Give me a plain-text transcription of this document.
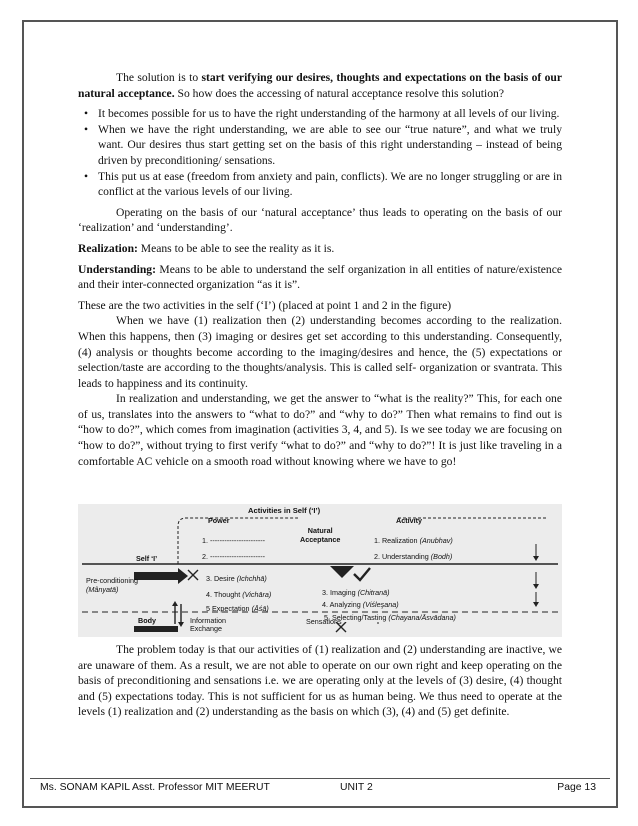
The solution is to start verifying our desires, thoughts and expectations on the basis of our natural acceptance. So how does the accessing of natural acceptance resolve this solution?

• It becomes possible for us to have the right understanding of the harmony at all levels of our living.
• When we have the right understanding, we are able to see our “true nature”, and what we truly want. Our desires thus start getting set on the basis of this right understanding – instead of being driven by preconditioning/ sensations.
• This put us at ease (freedom from anxiety and pain, conflicts). We are no longer struggling or are in conflict at the various levels of our living.

Operating on the basis of our ‘natural acceptance’ thus leads to operating on the basis of our ‘realization’ and ‘understanding’.

Realization: Means to be able to see the reality as it is.

Understanding: Means to be able to understand the self organization in all entities of nature/existence and their inter-connected organization “as it is”.

These are the two activities in the self (‘I’) (placed at point 1 and 2 in the figure)

When we have (1) realization then (2) understanding becomes according to the realization. When this happens, then (3) imaging or desires get set according to this understanding. Consequently, (4) analysis or thoughts become according to the imaging/desires and hence, the (5) expectations or selection/taste are according to the thoughts/analysis. This is called self- organization or svantrata. This leads to happiness and its continuity.

In realization and understanding, we get the answer to “what is the reality?” This, for each one of us, translates into the answers to “what to do?” and “why to do?” Then what remains to find out is “how to do?”, which comes from imagination (activities 3, 4, and 5). Is we see today we are focusing on “how to do?”, without trying to first verify “what to do?” and “why to do?”! It is just like traveling in a comfortable AC vehicle on a smooth road without knowing where we have to go!

Activities in Self (‘I’)
Power	Activity
Natural
Acceptance
1. -----------------------
2. -----------------------
1. Realization (Anubhav)
2. Understanding (Bodh)
Self ‘I’
Pre-conditioning
(Mânyatā)
3. Desire (Ichchhā)
3. Imaging (Chitranā)
4. Thought (Vichāra)
4. Analyzing (Viśleşana)
5 Expectation (Āśā)
5. Selecting/Tasting (Chayana/Āsvādana)
Body	Information
Exchange
Sensations

The problem today is that our activities of (1) realization and (2) understanding are inactive, we are unaware of them. As a result, we are not able to operate on our own right and keep operating on the basis of preconditioning and sensations i.e. we are operating only at the levels of (3) desire, (4) thought and (5) expectations today. This is not sufficient for us as human being. We thus need to operate at the levels (1) realization and (2) understanding as the basis on which (3), (4) and (5) get definite.

Ms. SONAM KAPIL Asst. Professor MIT MEERUT	UNIT 2	Page 13
